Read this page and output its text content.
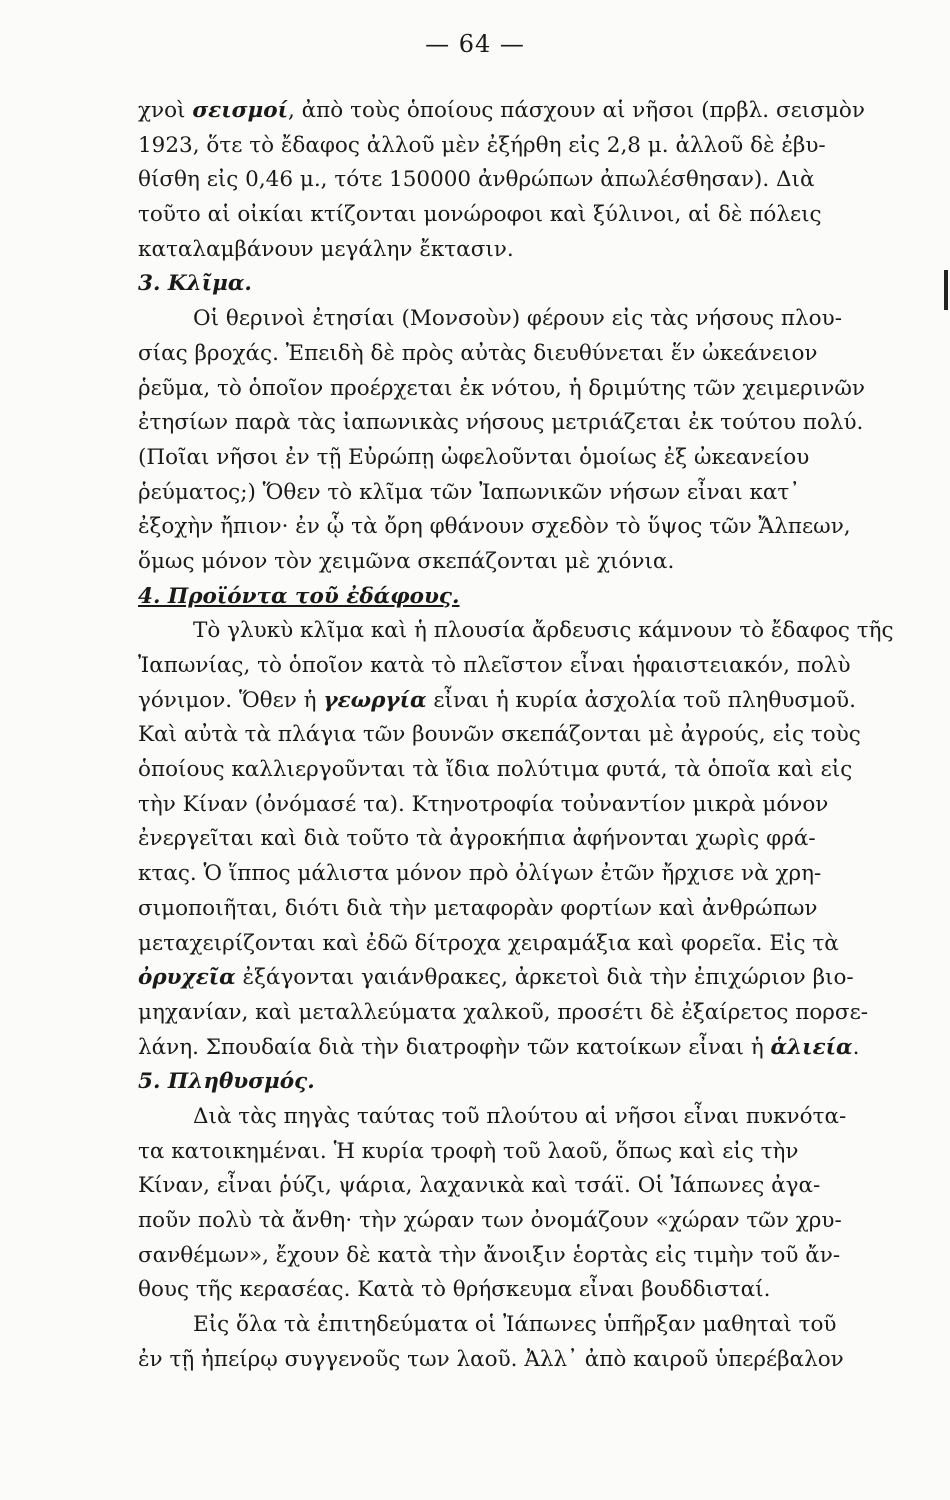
— 64 —
χνοὶ σεισμοί, ἀπὸ τοὺς ὁποίους πάσχουν αἱ νῆσοι (πρβλ. σεισμὸν
1923, ὅτε τὸ ἔδαφος ἀλλοῦ μὲν ἐξήρθη εἰς 2,8 μ. ἀλλοῦ δὲ ἐβυ-
θίσθη εἰς 0,46 μ., τότε 150000 ἀνθρώπων ἀπωλέσθησαν). Διὰ
τοῦτο αἱ οἰκίαι κτίζονται μονώροφοι καὶ ξύλινοι, αἱ δὲ πόλεις
καταλαμβάνουν μεγάλην ἔκτασιν.
3. Κλῖμα.
Οἱ θερινοὶ ἐτησίαι (Μονσοὺν) φέρουν εἰς τὰς νήσους πλου-
σίας βροχάς. Ἐπειδὴ δὲ πρὸς αὐτὰς διευθύνεται ἕν ὠκεάνειον
ῥεῦμα, τὸ ὁποῖον προέρχεται ἐκ νότου, ἡ δριμύτης τῶν χειμερινῶν
ἐτησίων παρὰ τὰς ἰαπωνικὰς νήσους μετριάζεται ἐκ τούτου πολύ.
(Ποῖαι νῆσοι ἐν τῇ Εὐρώπῃ ὠφελοῦνται ὁμοίως ἐξ ὠκεανείου
ῥεύματος;) Ὅθεν τὸ κλῖμα τῶν Ἰαπωνικῶν νήσων εἶναι κατ᾽
ἐξοχὴν ἤπιον· ἐν ᾧ τὰ ὄρη φθάνουν σχεδὸν τὸ ὕψος τῶν Ἄλπεων,
ὅμως μόνον τὸν χειμῶνα σκεπάζονται μὲ χιόνια.
4. Προϊόντα τοῦ ἐδάφους.
Τὸ γλυκὺ κλῖμα καὶ ἡ πλουσία ἄρδευσις κάμνουν τὸ ἔδαφος τῆς
Ἰαπωνίας, τὸ ὁποῖον κατὰ τὸ πλεῖστον εἶναι ἡφαιστειακόν, πολὺ
γόνιμον. Ὅθεν ἡ γεωργία εἶναι ἡ κυρία ἀσχολία τοῦ πληθυσμοῦ.
Καὶ αὐτὰ τὰ πλάγια τῶν βουνῶν σκεπάζονται μὲ ἀγρούς, εἰς τοὺς
ὁποίους καλλιεργοῦνται τὰ ἴδια πολύτιμα φυτά, τὰ ὁποῖα καὶ εἰς
τὴν Κίναν (ὀνόμασέ τα). Κτηνοτροφία τοὐναντίον μικρὰ μόνον
ἐνεργεῖται καὶ διὰ τοῦτο τὰ ἀγροκήπια ἀφήνονται χωρὶς φρά-
κτας. Ὁ ἵππος μάλιστα μόνον πρὸ ὀλίγων ἐτῶν ἤρχισε νὰ χρη-
σιμοποιῆται, διότι διὰ τὴν μεταφορὰν φορτίων καὶ ἀνθρώπων
μεταχειρίζονται καὶ ἐδῶ δίτροχα χειραμάξια καὶ φορεῖα. Εἰς τὰ
ὀρυχεῖα ἐξάγονται γαιάνθρακες, ἀρκετοὶ διὰ τὴν ἐπιχώριον βιο-
μηχανίαν, καὶ μεταλλεύματα χαλκοῦ, προσέτι δὲ ἐξαίρετος πορσε-
λάνη. Σπουδαία διὰ τὴν διατροφὴν τῶν κατοίκων εἶναι ἡ ἁλιεία.
5. Πληθυσμός.
Διὰ τὰς πηγὰς ταύτας τοῦ πλούτου αἱ νῆσοι εἶναι πυκνότα-
τα κατοικημέναι. Ἡ κυρία τροφὴ τοῦ λαοῦ, ὅπως καὶ εἰς τὴν
Κίναν, εἶναι ῥύζι, ψάρια, λαχανικὰ καὶ τσάϊ. Οἱ Ἰάπωνες ἀγα-
ποῦν πολὺ τὰ ἄνθη· τὴν χώραν των ὀνομάζουν «χώραν τῶν χρυ-
σανθέμων», ἔχουν δὲ κατὰ τὴν ἄνοιξιν ἑορτὰς εἰς τιμὴν τοῦ ἄν-
θους τῆς κερασέας. Κατὰ τὸ θρήσκευμα εἶναι βουδδισταί.
Εἰς ὅλα τὰ ἐπιτηδεύματα οἱ Ἰάπωνες ὑπῆρξαν μαθηταὶ τοῦ
ἐν τῇ ἠπείρῳ συγγενοῦς των λαοῦ. Ἀλλ᾽ ἀπὸ καιροῦ ὑπερέβαλον
